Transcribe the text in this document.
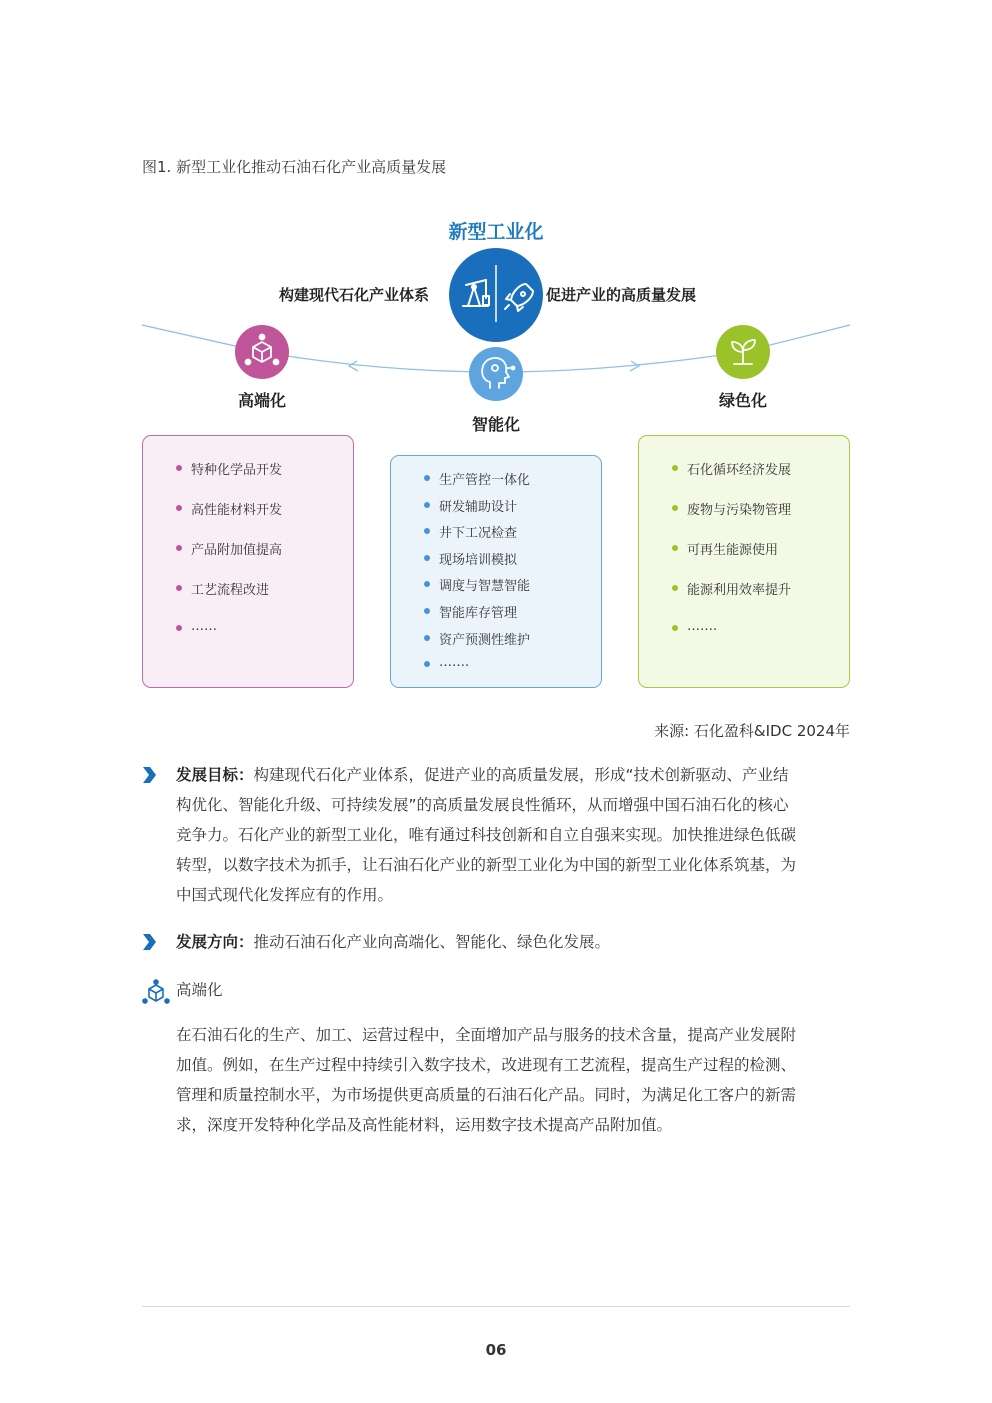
图1. 新型工业化推动石油石化产业高质量发展
新型工业化
构建现代石化产业体系	促进产业的高质量发展
高端化
智能化
绿色化
特种化学品开发
高性能材料开发
产品附加值提高
工艺流程改进
……
生产管控一体化
研发辅助设计
井下工况检查
现场培训模拟
调度与智慧智能
智能库存管理
资产预测性维护
…….
石化循环经济发展
废物与污染物管理
可再生能源使用
能源利用效率提升
…….
来源: 石化盈科&IDC 2024年
发展目标：构建现代石化产业体系，促进产业的高质量发展，形成“技术创新驱动、产业结
构优化、智能化升级、可持续发展”的高质量发展良性循环，从而增强中国石油石化的核心
竞争力。石化产业的新型工业化，唯有通过科技创新和自立自强来实现。加快推进绿色低碳
转型，以数字技术为抓手，让石油石化产业的新型工业化为中国的新型工业化体系筑基，为
中国式现代化发挥应有的作用。
发展方向：推动石油石化产业向高端化、智能化、绿色化发展。
高端化
在石油石化的生产、加工、运营过程中，全面增加产品与服务的技术含量，提高产业发展附
加值。例如，在生产过程中持续引入数字技术，改进现有工艺流程，提高生产过程的检测、
管理和质量控制水平，为市场提供更高质量的石油石化产品。同时，为满足化工客户的新需
求，深度开发特种化学品及高性能材料，运用数字技术提高产品附加值。
06
